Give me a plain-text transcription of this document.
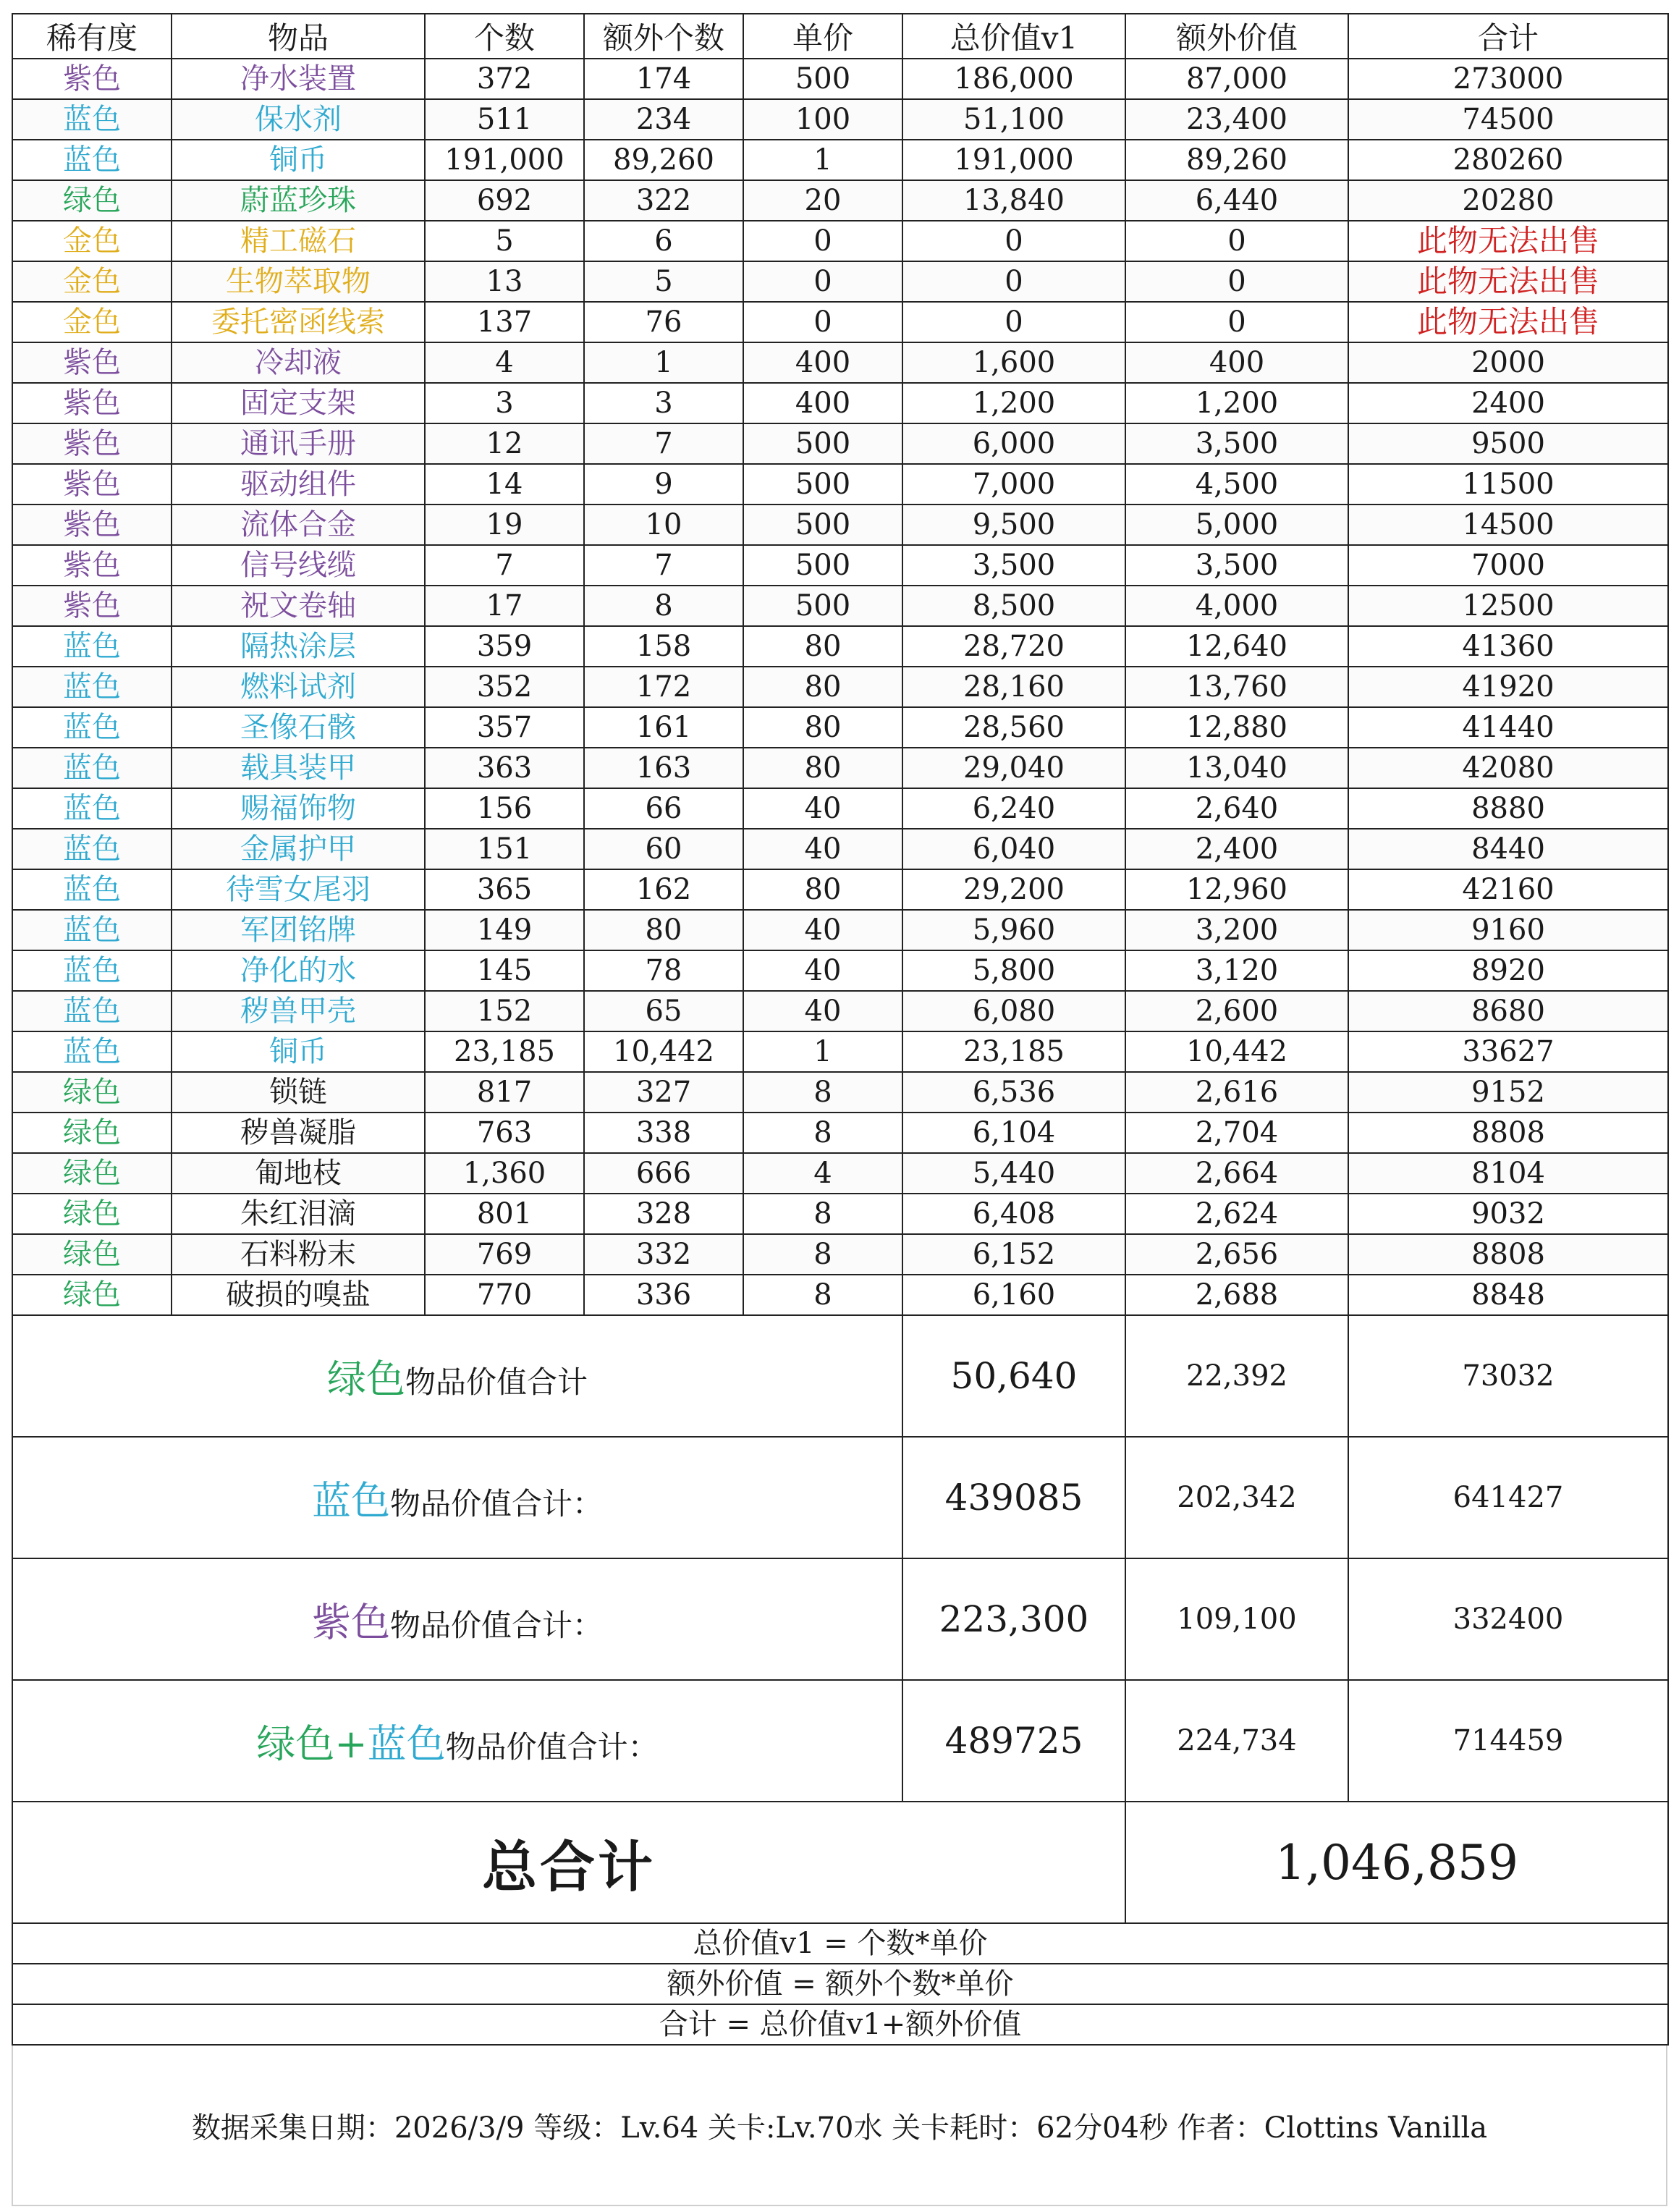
稀有度	物品	个数	额外个数	单价	总价值v1	额外价值	合计
紫色	净水装置	372	174	500	186,000	87,000	273000
蓝色	保水剂	511	234	100	51,100	23,400	74500
蓝色	铜币	191,000	89,260	1	191,000	89,260	280260
绿色	蔚蓝珍珠	692	322	20	13,840	6,440	20280
金色	精工磁石	5	6	0	0	0	此物无法出售
金色	生物萃取物	13	5	0	0	0	此物无法出售
金色	委托密函线索	137	76	0	0	0	此物无法出售
紫色	冷却液	4	1	400	1,600	400	2000
紫色	固定支架	3	3	400	1,200	1,200	2400
紫色	通讯手册	12	7	500	6,000	3,500	9500
紫色	驱动组件	14	9	500	7,000	4,500	11500
紫色	流体合金	19	10	500	9,500	5,000	14500
紫色	信号线缆	7	7	500	3,500	3,500	7000
紫色	祝文卷轴	17	8	500	8,500	4,000	12500
蓝色	隔热涂层	359	158	80	28,720	12,640	41360
蓝色	燃料试剂	352	172	80	28,160	13,760	41920
蓝色	圣像石骸	357	161	80	28,560	12,880	41440
蓝色	载具装甲	363	163	80	29,040	13,040	42080
蓝色	赐福饰物	156	66	40	6,240	2,640	8880
蓝色	金属护甲	151	60	40	6,040	2,400	8440
蓝色	待雪女尾羽	365	162	80	29,200	12,960	42160
蓝色	军团铭牌	149	80	40	5,960	3,200	9160
蓝色	净化的水	145	78	40	5,800	3,120	8920
蓝色	秽兽甲壳	152	65	40	6,080	2,600	8680
蓝色	铜币	23,185	10,442	1	23,185	10,442	33627
绿色	锁链	817	327	8	6,536	2,616	9152
绿色	秽兽凝脂	763	338	8	6,104	2,704	8808
绿色	匍地枝	1,360	666	4	5,440	2,664	8104
绿色	朱红泪滴	801	328	8	6,408	2,624	9032
绿色	石料粉末	769	332	8	6,152	2,656	8808
绿色	破损的嗅盐	770	336	8	6,160	2,688	8848
绿色物品价值合计					50,640	22,392	73032
蓝色物品价值合计：					439085	202,342	641427
紫色物品价值合计：					223,300	109,100	332400
绿色+蓝色物品价值合计：					489725	224,734	714459
总合计						1,046,859	
总价值v1 = 个数*单价							
额外价值 = 额外个数*单价							
合计 = 总价值v1+额外价值							
数据采集日期：2026/3/9 等级：Lv.64 关卡:Lv.70水 关卡耗时：62分04秒 作者：Clottins Vanilla
